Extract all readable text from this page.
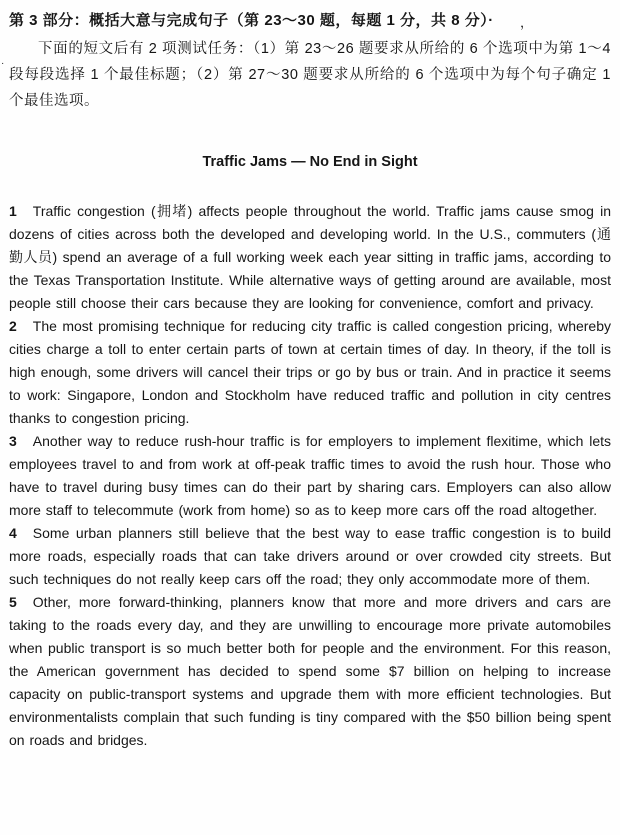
，
·

第 3 部分：概括大意与完成句子（第 23～30 题，每题 1 分，共 8 分）·

下面的短文后有 2 项测试任务：（1）第 23～26 题要求从所给的 6 个选项中为第 1～4 段每段选择 1 个最佳标题；（2）第 27～30 题要求从所给的 6 个选项中为每个句子确定 1 个最佳选项。

Traffic Jams — No End in Sight

1 Traffic congestion (拥堵) affects people throughout the world. Traffic jams cause smog in dozens of cities across both the developed and developing world. In the U.S., commuters (通勤人员) spend an average of a full working week each year sitting in traffic jams, according to the Texas Transportation Institute. While alternative ways of getting around are available, most people still choose their cars because they are looking for convenience, comfort and privacy.

2 The most promising technique for reducing city traffic is called congestion pricing, whereby cities charge a toll to enter certain parts of town at certain times of day. In theory, if the toll is high enough, some drivers will cancel their trips or go by bus or train. And in practice it seems to work: Singapore, London and Stockholm have reduced traffic and pollution in city centres thanks to congestion pricing.

3 Another way to reduce rush-hour traffic is for employers to implement flexitime, which lets employees travel to and from work at off-peak traffic times to avoid the rush hour. Those who have to travel during busy times can do their part by sharing cars. Employers can also allow more staff to telecommute (work from home) so as to keep more cars off the road altogether.

4 Some urban planners still believe that the best way to ease traffic congestion is to build more roads, especially roads that can take drivers around or over crowded city streets. But such techniques do not really keep cars off the road; they only accommodate more of them.

5 Other, more forward-thinking, planners know that more and more drivers and cars are taking to the roads every day, and they are unwilling to encourage more private automobiles when public transport is so much better both for people and the environment. For this reason, the American government has decided to spend some $7 billion on helping to increase capacity on public-transport systems and upgrade them with more efficient technologies. But environmentalists complain that such funding is tiny compared with the $50 billion being spent on roads and bridges.
